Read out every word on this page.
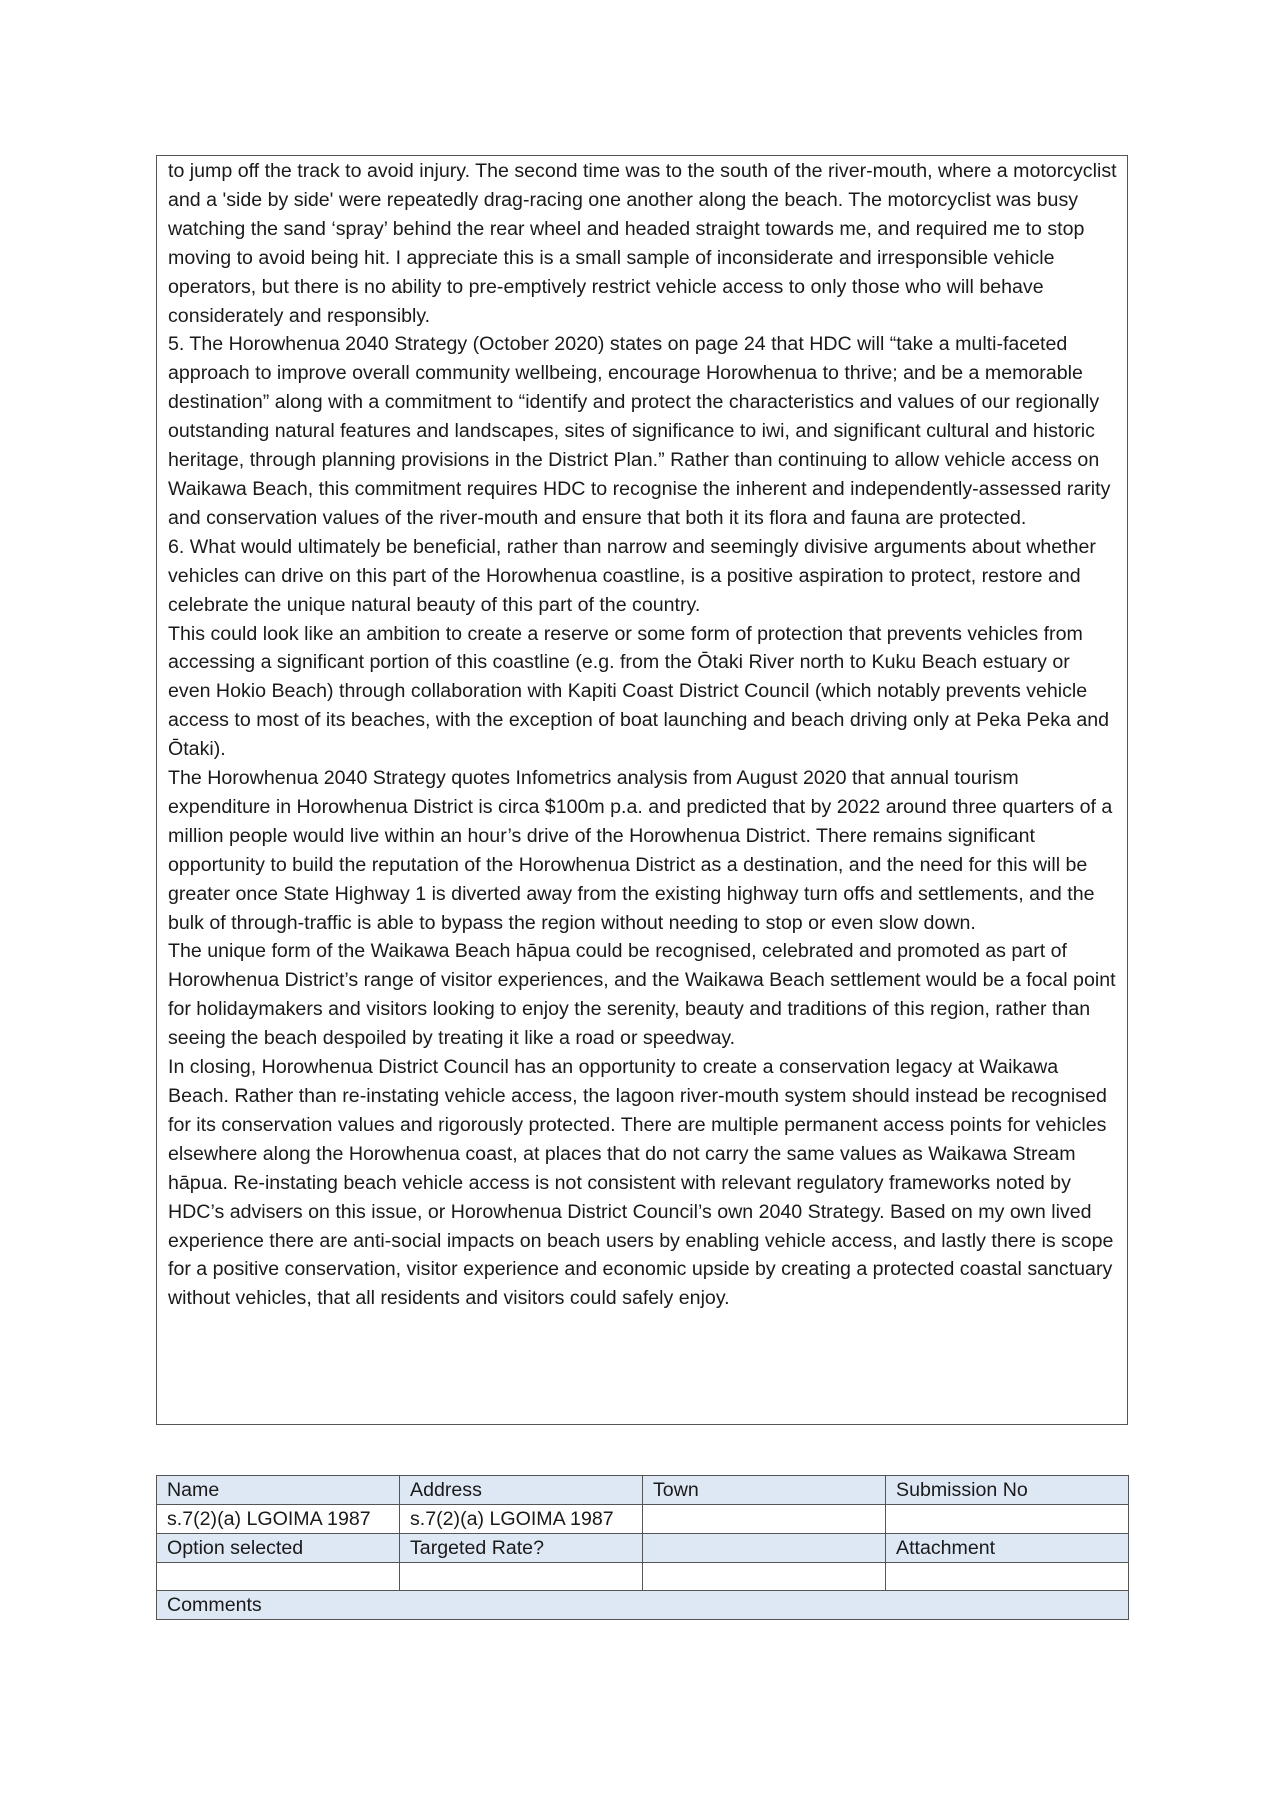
to jump off the track to avoid injury. The second time was to the south of the river-mouth, where a motorcyclist and a 'side by side' were repeatedly drag-racing one another along the beach. The motorcyclist was busy watching the sand ‘spray’ behind the rear wheel and headed straight towards me, and required me to stop moving to avoid being hit. I appreciate this is a small sample of inconsiderate and irresponsible vehicle operators, but there is no ability to pre-emptively restrict vehicle access to only those who will behave considerately and responsibly.

5. The Horowhenua 2040 Strategy (October 2020) states on page 24 that HDC will “take a multi-faceted approach to improve overall community wellbeing, encourage Horowhenua to thrive; and be a memorable destination” along with a commitment to “identify and protect the characteristics and values of our regionally outstanding natural features and landscapes, sites of significance to iwi, and significant cultural and historic heritage, through planning provisions in the District Plan.” Rather than continuing to allow vehicle access on Waikawa Beach, this commitment requires HDC to recognise the inherent and independently-assessed rarity and conservation values of the river-mouth and ensure that both it its flora and fauna are protected.

6. What would ultimately be beneficial, rather than narrow and seemingly divisive arguments about whether vehicles can drive on this part of the Horowhenua coastline, is a positive aspiration to protect, restore and celebrate the unique natural beauty of this part of the country.

This could look like an ambition to create a reserve or some form of protection that prevents vehicles from accessing a significant portion of this coastline (e.g. from the Ōtaki River north to Kuku Beach estuary or even Hokio Beach) through collaboration with Kapiti Coast District Council (which notably prevents vehicle access to most of its beaches, with the exception of boat launching and beach driving only at Peka Peka and Ōtaki).

The Horowhenua 2040 Strategy quotes Infometrics analysis from August 2020 that annual tourism expenditure in Horowhenua District is circa $100m p.a. and predicted that by 2022 around three quarters of a million people would live within an hour’s drive of the Horowhenua District. There remains significant opportunity to build the reputation of the Horowhenua District as a destination, and the need for this will be greater once State Highway 1 is diverted away from the existing highway turn offs and settlements, and the bulk of through-traffic is able to bypass the region without needing to stop or even slow down.

The unique form of the Waikawa Beach hāpua could be recognised, celebrated and promoted as part of Horowhenua District’s range of visitor experiences, and the Waikawa Beach settlement would be a focal point for holidaymakers and visitors looking to enjoy the serenity, beauty and traditions of this region, rather than seeing the beach despoiled by treating it like a road or speedway.

In closing, Horowhenua District Council has an opportunity to create a conservation legacy at Waikawa Beach. Rather than re-instating vehicle access, the lagoon river-mouth system should instead be recognised for its conservation values and rigorously protected. There are multiple permanent access points for vehicles elsewhere along the Horowhenua coast, at places that do not carry the same values as Waikawa Stream hāpua. Re-instating beach vehicle access is not consistent with relevant regulatory frameworks noted by HDC’s advisers on this issue, or Horowhenua District Council’s own 2040 Strategy. Based on my own lived experience there are anti-social impacts on beach users by enabling vehicle access, and lastly there is scope for a positive conservation, visitor experience and economic upside by creating a protected coastal sanctuary without vehicles, that all residents and visitors could safely enjoy.

Name	Address	Town	Submission No
s.7(2)(a) LGOIMA 1987	s.7(2)(a) LGOIMA 1987		
Option selected	Targeted Rate?		Attachment

Comments			
